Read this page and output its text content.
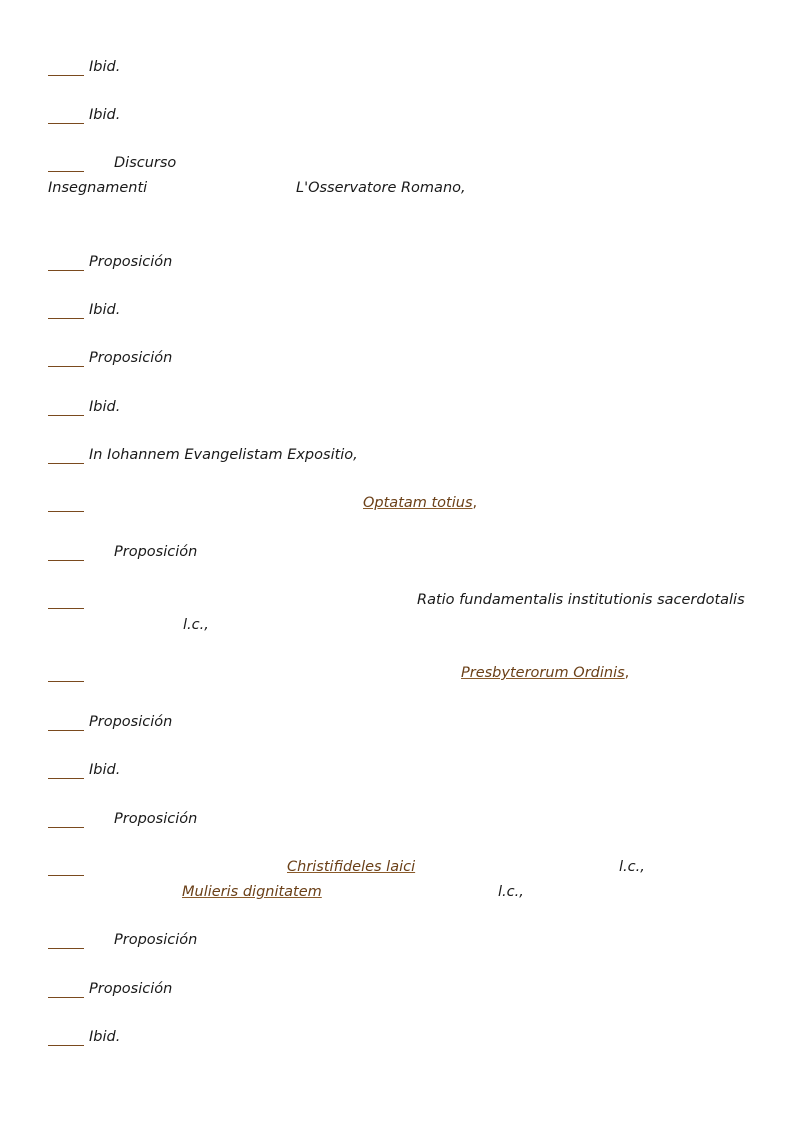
Ibid.
Ibid.
Discurso
Insegnamenti	L'Osservatore Romano,
Proposición
Ibid.
Proposición
Ibid.
In Iohannem Evangelistam Expositio,
Optatam totius,
Proposición
Ratio fundamentalis institutionis sacerdotalis
l.c.,
Presbyterorum Ordinis,
Proposición
Ibid.
Proposición
Christifideles laici	l.c.,
Mulieris dignitatem	l.c.,
Proposición
Proposición
Ibid.
